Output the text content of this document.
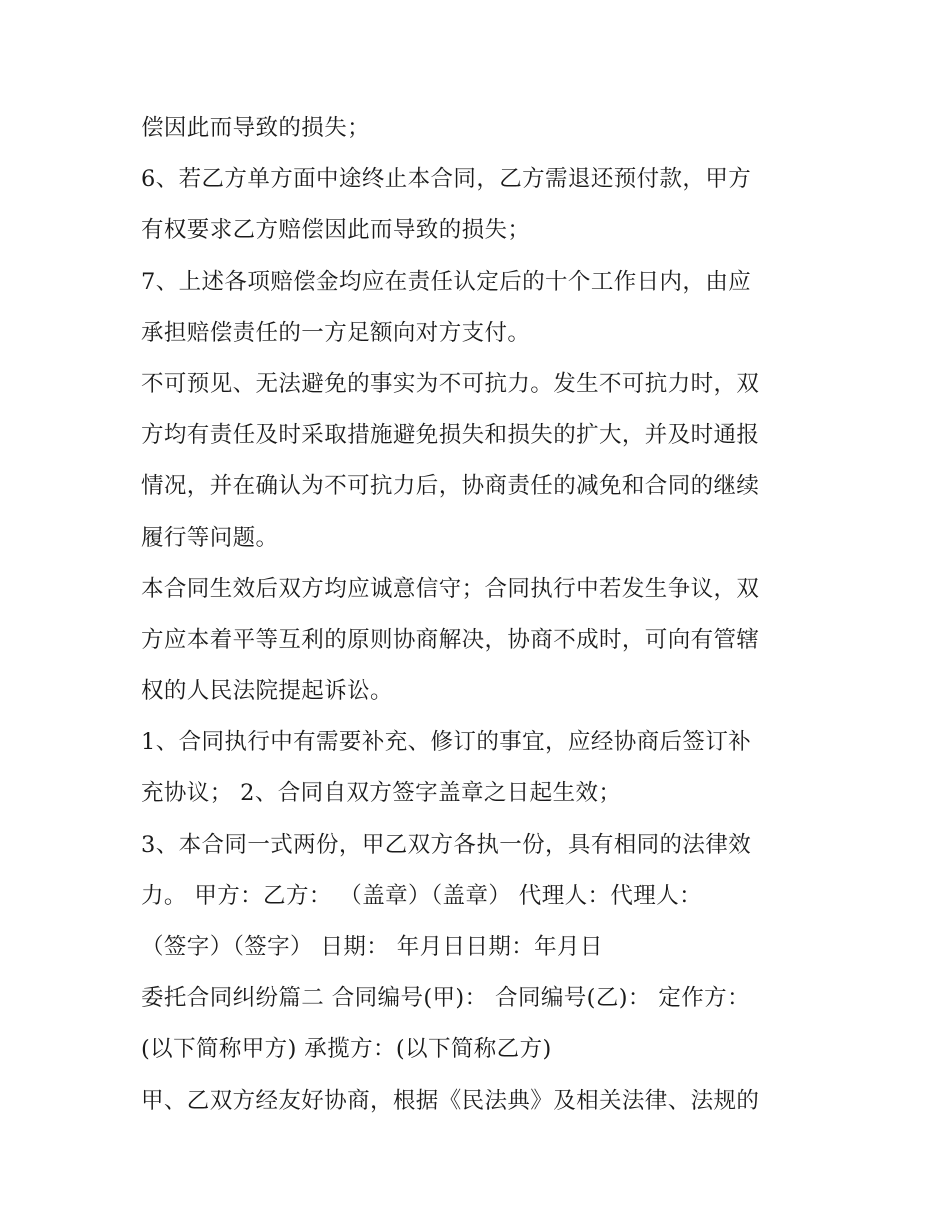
偿因此而导致的损失；
6、若乙方单方面中途终止本合同，乙方需退还预付款，甲方
有权要求乙方赔偿因此而导致的损失；
7、上述各项赔偿金均应在责任认定后的十个工作日内，由应
承担赔偿责任的一方足额向对方支付。
不可预见、无法避免的事实为不可抗力。发生不可抗力时，双
方均有责任及时采取措施避免损失和损失的扩大，并及时通报
情况，并在确认为不可抗力后，协商责任的减免和合同的继续
履行等问题。
本合同生效后双方均应诚意信守；合同执行中若发生争议，双
方应本着平等互利的原则协商解决，协商不成时，可向有管辖
权的人民法院提起诉讼。
1、合同执行中有需要补充、修订的事宜，应经协商后签订补
充协议； 2、合同自双方签字盖章之日起生效；
3、本合同一式两份，甲乙双方各执一份，具有相同的法律效
力。 甲方：乙方： （盖章）（盖章） 代理人：代理人：
（签字）（签字） 日期： 年月日日期：年月日
委托合同纠纷篇二 合同编号(甲)： 合同编号(乙)： 定作方：
(以下简称甲方) 承揽方：(以下简称乙方)
甲、乙双方经友好协商，根据《民法典》及相关法律、法规的
